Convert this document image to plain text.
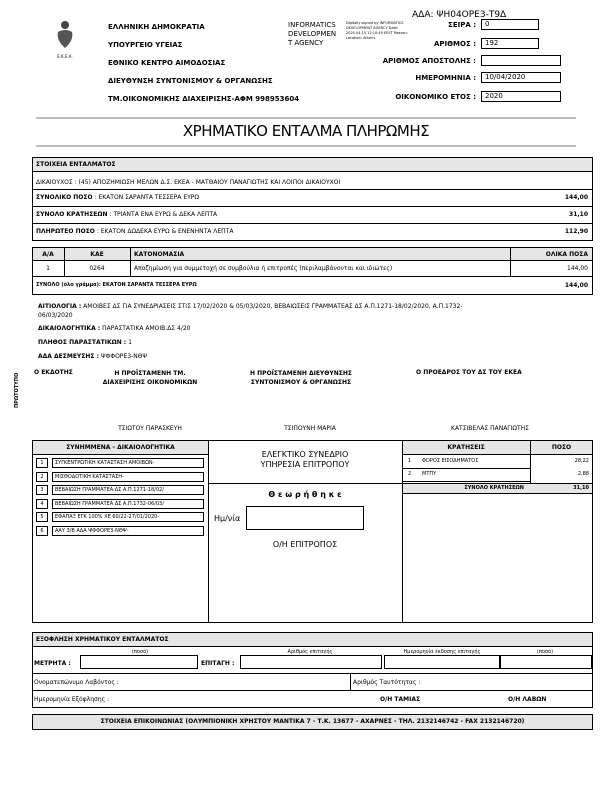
ΑΔΑ: ΨΗ04ΟΡΕ3-Τ9Δ
Ε.Κ.Ε.Α.
ΕΛΛΗΝΙΚΗ ΔΗΜΟΚΡΑΤΙΑ
ΥΠΟΥΡΓΕΙΟ ΥΓΕΙΑΣ
ΕΘΝΙΚΟ ΚΕΝΤΡΟ ΑΙΜΟΔΟΣΙΑΣ
ΔΙΕΥΘΥΝΣΗ ΣΥΝΤΟΝΙΣΜΟΥ & ΟΡΓΑΝΩΣΗΣ
ΤΜ.ΟΙΚΟΝΟΜΙΚΗΣ ΔΙΑΧΕΙΡΙΣΗΣ-ΑΦΜ 998953604
INFORMATICS
DEVELOPMEN
T AGENCY
Digitally signed by INFORMATICS DEVELOPMENT AGENCY Date: 2020.04.15 12:10:49 EEST Reason: Location: Athens
ΣΕΙΡΑ :	0
ΑΡΙΘΜΟΣ :	192
ΑΡΙΘΜΟΣ ΑΠΟΣΤΟΛΗΣ :
ΗΜΕΡΟΜΗΝΙΑ :	10/04/2020
ΟΙΚΟΝΟΜΙΚΟ ΕΤΟΣ :	2020
ΧΡΗΜΑΤΙΚΟ ΕΝΤΑΛΜΑ ΠΛΗΡΩΜΗΣ
ΣΤΟΙΧΕΙΑ ΕΝΤΑΛΜΑΤΟΣ
ΔΙΚΑΙΟΥΧΟΣ : (45) ΑΠΟΖΗΜΙΩΣΗ ΜΕΛΩΝ Δ.Σ. ΕΚΕΑ - ΜΑΤΘΑΙΟΥ ΠΑΝΑΓΙΩΤΗΣ ΚΑΙ ΛΟΙΠΟΙ ΔΙΚΑΙΟΥΧΟΙ
ΣΥΝΟΛΙΚΟ ΠΟΣΟ : ΕΚΑΤΟΝ ΣΑΡΑΝΤΑ ΤΕΣΣΕΡΑ ΕΥΡΩ	144,00
ΣΥΝΟΛΟ ΚΡΑΤΗΣΕΩΝ : ΤΡΙΑΝΤΑ ΕΝΑ ΕΥΡΩ & ΔΕΚΑ ΛΕΠΤΑ	31,10
ΠΛΗΡΩΤΕΟ ΠΟΣΟ : ΕΚΑΤΟΝ ΔΩΔΕΚΑ ΕΥΡΩ & ΕΝΕΝΗΝΤΑ ΛΕΠΤΑ	112,90
Α/Α	ΚΑΕ	ΚΑΤΟΝΟΜΑΣΙΑ	ΟΛΙΚΑ ΠΟΣΑ
1	0264	Αποζημίωση για συμμετοχή σε συμβούλια ή επιτροπές (περιλαμβάνονται και ιδιώτες)	144,00
ΣΥΝΟΛΟ (όλο γράμμα): ΕΚΑΤΟΝ ΣΑΡΑΝΤΑ ΤΕΣΣΕΡΑ ΕΥΡΩ	144,00
ΑΙΤΙΟΛΟΓΙΑ : ΑΜΟΙΒΕΣ ΔΣ ΓΙΑ ΣΥΝΕΔΡΙΑΣΕΙΣ ΣΤΙΣ 17/02/2020 & 05/03/2020, ΒΕΒΑΙΩΣΕΙΣ ΓΡΑΜΜΑΤΕΑΣ ΔΣ Α.Π.1271-18/02/2020, Α.Π.1732-
06/03/2020
ΔΙΚΑΙΟΛΟΓΗΤΙΚΑ : ΠΑΡΑΣΤΑΤΙΚΑ ΑΜΟΙΒ.ΔΣ 4/20
ΠΛΗΘΟΣ ΠΑΡΑΣΤΑΤΙΚΩΝ : 1
ΑΔΑ ΔΕΣΜΕΥΣΗΣ : ΨΦΦΟΡΕ3-ΝΘΨ
ΠΡΩΤΟΤΥΠΟ
Ο ΕΚΔΟΤΗΣ	Η ΠΡΟΪΣΤΑΜΕΝΗ ΤΜ.
ΔΙΑΧΕΙΡΙΣΗΣ ΟΙΚΟΝΟΜΙΚΩΝ
Η ΠΡΟΪΣΤΑΜΕΝΗ ΔΙΕΥΘΥΝΣΗΣ
ΣΥΝΤΟΝΙΣΜΟΥ & ΟΡΓΑΝΩΣΗΣ
Ο ΠΡΟΕΔΡΟΣ ΤΟΥ ΔΣ ΤΟΥ ΕΚΕΑ
ΤΣΙΩΤΟΥ ΠΑΡΑΣΚΕΥΗ	ΤΣΙΠΟΥΝΗ ΜΑΡΙΑ	ΚΑΤΣΙΒΕΛΑΣ ΠΑΝΑΓΙΩΤΗΣ
ΣΥΝΗΜΜΕΝΑ - ΔΙΚΑΙΟΛΟΓΗΤΙΚΑ
1	ΣΥΓΚΕΝΤΡΩΤΙΚΗ ΚΑΤΑΣΤΑΣΗ ΑΜΟΙΒΩΝ-
2	ΜΙΣΘΟΔΟΤΙΚΗ ΚΑΤΑΣΤΑΣΗ-
3	ΒΕΒΑΙΩΣΗ ΓΡΑΜΜΑΤΕΑ ΔΣ Α.Π.1271-18/02/
4	ΒΕΒΑΙΩΣΗ ΓΡΑΜΜΑΤΕΑ ΔΣ Α.Π.1732-06/03/
5	ΕΦΑΠΑΞ ΕΓΚ 100% ΧΕ 60/22-27/01/2020-
6	ΑΑΥ 3/Β ΑΔΑ ΨΦΦΟΡΕ3-ΝΘΨ-
ΕΛΕΓΚΤΙΚΟ ΣΥΝΕΔΡΙΟ
ΥΠΗΡΕΣΙΑ ΕΠΙΤΡΟΠΟΥ
Θ ε ω ρ ή θ η κ ε
Ημ/νία
Ο/Η ΕΠΙΤΡΟΠΟΣ
ΚΡΑΤΗΣΕΙΣ	ΠΟΣΟ
1 ΦΟΡΟΣ ΕΙΣΟΔΗΜΑΤΟΣ	28,22
2 ΜΤΠΥ	2,88
ΣΥΝΟΛΟ ΚΡΑΤΗΣΕΩΝ	31,10
ΕΞΟΦΛΗΣΗ ΧΡΗΜΑΤΙΚΟΥ ΕΝΤΑΛΜΑΤΟΣ
ΜΕΤΡΗΤΑ :
(ποσό)
ΕΠΙΤΑΓΗ :
Αριθμός επιταγής	Ημερομηνία έκδοσης επιταγής	(ποσό)
Ονοματεπώνυμο Λαβόντος :	Αριθμός Ταυτότητας :
Ημερομηνία Εξόφλησης :	Ο/Η ΤΑΜΙΑΣ	Ο/Η ΛΑΒΩΝ
ΣΤΟΙΧΕΙΑ ΕΠΙΚΟΙΝΩΝΙΑΣ (ΟΛΥΜΠΙΟΝΙΚΗ ΧΡΗΣΤΟΥ ΜΑΝΤΙΚΑ 7 - Τ.Κ. 13677 - ΑΧΑΡΝΕΣ - ΤΗΛ. 2132146742 - FAX 2132146720)
